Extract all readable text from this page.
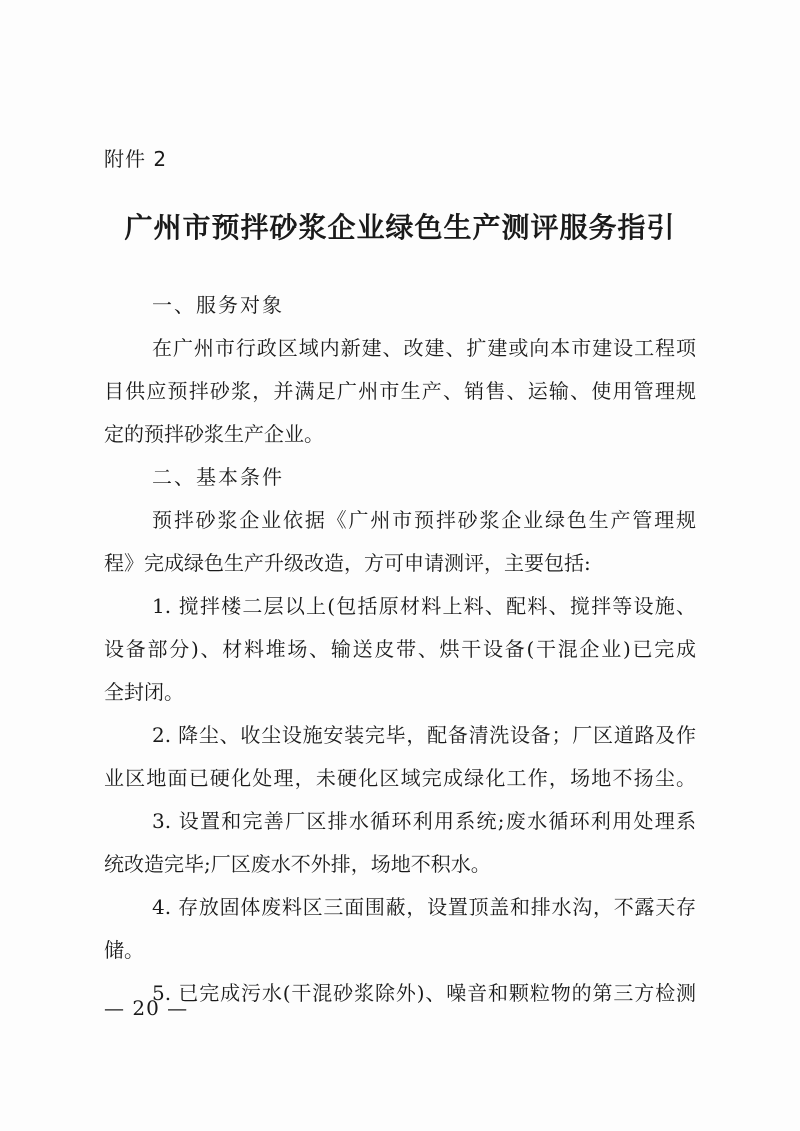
附件 2
广州市预拌砂浆企业绿色生产测评服务指引
一、服务对象
在广州市行政区域内新建、改建、扩建或向本市建设工程项
目供应预拌砂浆，并满足广州市生产、销售、运输、使用管理规
定的预拌砂浆生产企业。
二、基本条件
预拌砂浆企业依据《广州市预拌砂浆企业绿色生产管理规
程》完成绿色生产升级改造，方可申请测评，主要包括:
1. 搅拌楼二层以上(包括原材料上料、配料、搅拌等设施、
设备部分)、材料堆场、输送皮带、烘干设备(干混企业)已完成
全封闭。
2. 降尘、收尘设施安装完毕，配备清洗设备；厂区道路及作
业区地面已硬化处理，未硬化区域完成绿化工作，场地不扬尘。
3. 设置和完善厂区排水循环利用系统;废水循环利用处理系
统改造完毕;厂区废水不外排，场地不积水。
4. 存放固体废料区三面围蔽，设置顶盖和排水沟，不露天存
储。
5. 已完成污水(干混砂浆除外)、噪音和颗粒物的第三方检测
— 20 —
